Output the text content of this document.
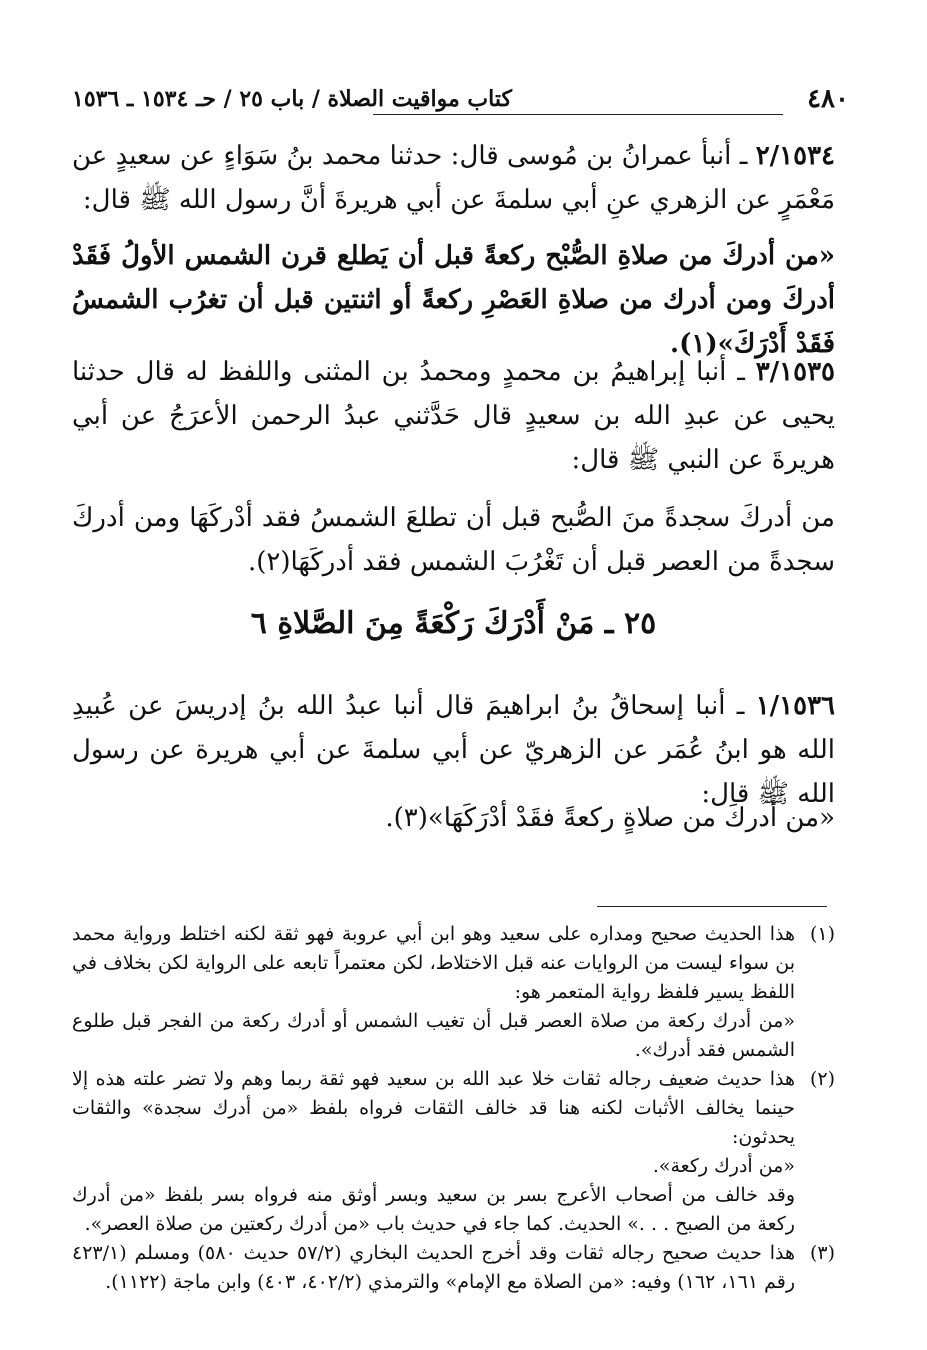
٤٨٠
كتاب مواقيت الصلاة / باب ٢٥ / حـ ١٥٣٤ ـ ١٥٣٦
٢/١٥٣٤ ـ أنبأ عمرانُ بن مُوسى قال: حدثنا محمد بنُ سَوَاءٍ عن سعيدٍ عن مَعْمَرٍ عن الزهري عنِ أبي سلمةَ عن أبي هريرةَ أنَّ رسول الله ﷺ قال:
«من أدركَ من صلاةِ الصُّبْح ركعةً قبل أن يَطلع قرن الشمس الأولُ فَقَدْ أدركَ ومن أدرك من صلاةِ العَصْرِ ركعةً أو اثنتين قبل أن تغرُب الشمسُ فَقَدْ أَدْرَكَ»(١).
٣/١٥٣٥ ـ أنبا إبراهيمُ بن محمدٍ ومحمدُ بن المثنى واللفظ له قال حدثنا يحيى عن عبدِ الله بن سعيدٍ قال حَدَّثني عبدُ الرحمن الأعرَجُ عن أبي هريرةَ عن النبي ﷺ قال:
من أدركَ سجدةً منَ الصُّبح قبل أن تطلعَ الشمسُ فقد أدْركَهَا ومن أدركَ سجدةً من العصر قبل أن تَغْرُبَ الشمس فقد أدركَهَا(٢).
٢٥ ـ مَنْ أَدْرَكَ رَكْعَةً مِنَ الصَّلاةِ ٦
١/١٥٣٦ ـ أنبا إسحاقُ بنُ ابراهيمَ قال أنبا عبدُ الله بنُ إدريسَ عن عُبيدِ الله هو ابنُ عُمَر عن الزهريّ عن أبي سلمةَ عن أبي هريرة عن رسول الله ﷺ قال:
«من أدركَ من صلاةٍ ركعةً فقَدْ أدْرَكَهَا»(٣).
(١)

هذا الحديث صحيح ومداره على سعيد وهو ابن أبي عروبة فهو ثقة لكنه اختلط ورواية محمد بن سواء ليست من الروايات عنه قبل الاختلاط، لكن معتمراً تابعه على الرواية لكن بخلاف في اللفظ يسير فلفظ رواية المتعمر هو:

«من أدرك ركعة من صلاة العصر قبل أن تغيب الشمس أو أدرك ركعة من الفجر قبل طلوع الشمس فقد أدرك».

(٢)

هذا حديث ضعيف رجاله ثقات خلا عبد الله بن سعيد فهو ثقة ربما وهم ولا تضر علته هذه إلا حينما يخالف الأثبات لكنه هنا قد خالف الثقات فرواه بلفظ «من أدرك سجدة» والثقات يحدثون:

«من أدرك ركعة».

وقد خالف من أصحاب الأعرج بسر بن سعيد وبسر أوثق منه فرواه بسر بلفظ «من أدرك ركعة من الصبح . . .» الحديث. كما جاء في حديث باب «من أدرك ركعتين من صلاة العصر».

(٣)

هذا حديث صحيح رجاله ثقات وقد أخرج الحديث البخاري (٥٧/٢ حديث ٥٨٠) ومسلم (٤٢٣/١ رقم ١٦١، ١٦٢) وفيه: «من الصلاة مع الإمام» والترمذي (٤٠٢/٢، ٤٠٣) وابن ماجة (١١٢٢).
